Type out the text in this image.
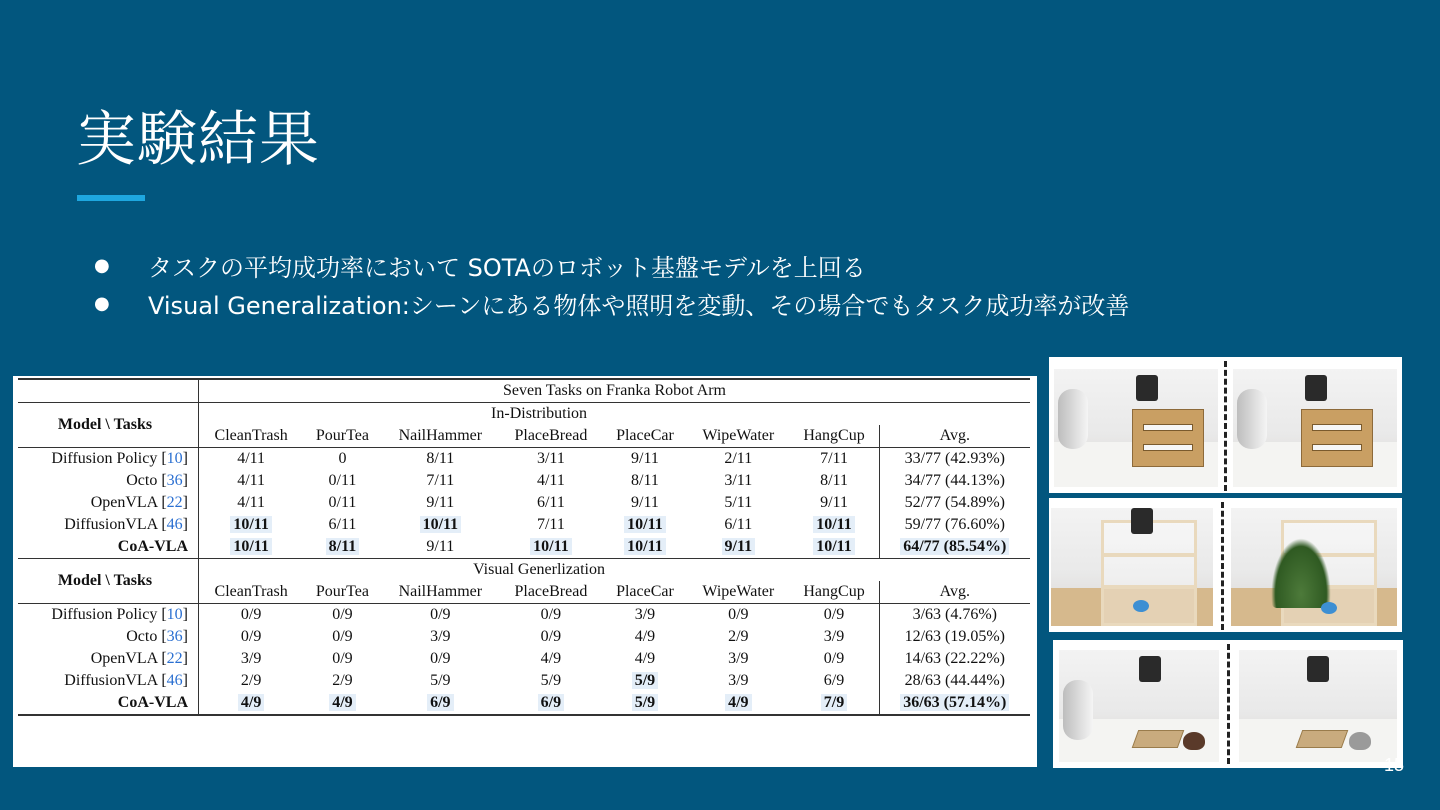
実験結果
●	タスクの平均成功率において SOTAのロボット基盤モデルを上回る
●	Visual Generalization:シーンにある物体や照明を変動、その場合でもタスク成功率が改善
	Seven Tasks on Franka Robot Arm							
Model \ Tasks	In-Distribution							
	CleanTrash	PourTea	NailHammer	PlaceBread	PlaceCar	WipeWater	HangCup	Avg.
Diffusion Policy [10]	4/11	0	8/11	3/11	9/11	2/11	7/11	33/77 (42.93%)
Octo [36]	4/11	0/11	7/11	4/11	8/11	3/11	8/11	34/77 (44.13%)
OpenVLA [22]	4/11	0/11	9/11	6/11	9/11	5/11	9/11	52/77 (54.89%)
DiffusionVLA [46]	10/11	6/11	10/11	7/11	10/11	6/11	10/11	59/77 (76.60%)
CoA-VLA	10/11	8/11	9/11	10/11	10/11	9/11	10/11	64/77 (85.54%)
Model \ Tasks	Visual Generlization							
	CleanTrash	PourTea	NailHammer	PlaceBread	PlaceCar	WipeWater	HangCup	Avg.
Diffusion Policy [10]	0/9	0/9	0/9	0/9	3/9	0/9	0/9	3/63 (4.76%)
Octo [36]	0/9	0/9	3/9	0/9	4/9	2/9	3/9	12/63 (19.05%)
OpenVLA [22]	3/9	0/9	0/9	4/9	4/9	3/9	0/9	14/63 (22.22%)
DiffusionVLA [46]	2/9	2/9	5/9	5/9	5/9	3/9	6/9	28/63 (44.44%)
CoA-VLA	4/9	4/9	6/9	6/9	5/9	4/9	7/9	36/63 (57.14%)
15
